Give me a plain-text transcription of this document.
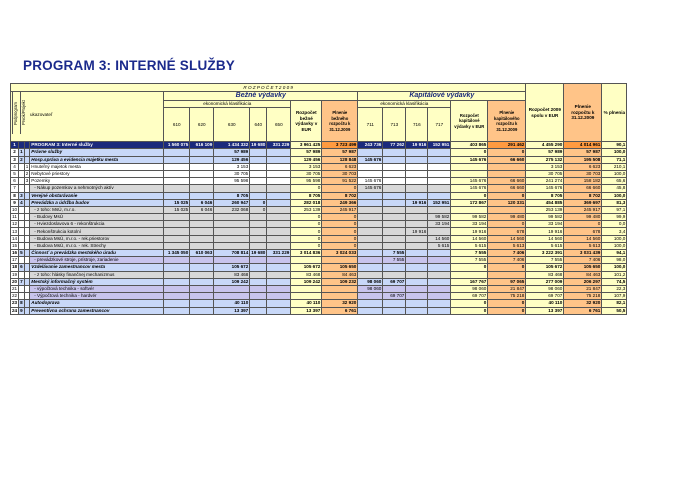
PROGRAM 3: INTERNÉ SLUŽBY
R O Z P O Č E T 2 0 0 9																	Rozpočet 2009 spolu v EUR	Plnenie rozpočtu k 31.12.2009	% plnenia

Podprogram Prvok/Projekt ukazovateľ				Bežné výdavky							Kapitálové výdavky								
				ekonomická klasifikácia					Rozpočet bežné výdavky v EUR	Plnenie bežného rozpočtu k 31.12.2009	ekonomická klasifikácia				Rozpočet kapitálové výdavky v EUR	Plnenie kapitálového rozpočtu k 31.12.2009			
				610	620	630	640	650			711	713	716	717					
1			PROGRAM 3: Interné služby	1 560 075	616 109	1 434 332	19 680	331 229	3 961 425	3 723 499	243 736	77 262	19 916	152 951	403 865	291 462	4 455 290	4 014 961	90,1
2	1		Právne služby			57 989			57 989	57 987					0	0	57 989	57 987	100,0
3	2		Hosp.správa a evidencia majetku mesta			129 456			129 456	128 848	145 676				145 676	66 660	275 132	195 508	71,1
4		1	Hnuteľný majetok mesta			3 153			3 153	6 623							3 153	6 623	210,1
5		2	Nebytové priestory			30 705			30 705	30 703							30 705	30 703	100,0
6		3	Pozemky			95 598			95 598	91 522	145 676				145 676	66 660	241 274	158 182	65,6
7			- Nákup pozemkov a nehmotných aktív						0	0	145 676				145 676	66 660	145 676	66 660	45,8
8	3		Verejné obstarávanie			8 705			8 705	8 702					0	0	8 705	8 702	100,0
9	4		Prevádzka a údržba budov	15 025	6 046	260 947	0		282 018	249 366			19 916	152 951	172 867	120 331	454 885	369 697	81,3
10			- z toho: MsÚ, m.r.o.	15 025	6 046	232 068	0		253 139	245 917							253 139	245 917	97,1
11			- Budovy MsÚ						0	0				99 582	99 582	99 480	99 582	99 480	99,9
12			- Hviezdoslavova 6 - rekonštrukcia						0	0				33 194	33 194	0	33 194	0	0,0
13			- Rekonštrukcia kotolní						0	0			19 916		19 916	678	19 916	678	3,4
14			- Budova MsÚ, m.r.o. - rek.priestorov						0	0				14 560	14 560	14 560	14 560	14 560	100,0
15			- Budova MsÚ, m.r.o. - rek. Strechy						0	0				5 615	5 615	5 613	5 615	5 613	100,0
16	5		Činnosť a prevádzka mestského úradu	1 345 050	610 063	708 814	19 680	331 229	3 014 836	3 024 033		7 555			7 555	7 406	3 222 391	3 031 439	94,1
17			- prevádzkové stroje, prístroje, zariadenie									7 555			7 555	7 406	7 555	7 406	98,0
18	6		Vzdelávanie zamestnancov mesta			105 672			105 672	105 650					0	0	105 672	105 650	100,0
19			- z toho: hlásky finančnej mechanizmus			83 468			83 468	84 463							83 468	84 463	101,2
20	7		Mestský informačný systém			109 242			109 242	109 232	98 060	69 707			167 767	97 065	277 009	206 297	74,5
21			- výpočtová technika - softvér								98 060				98 060	21 847	98 060	21 847	22,3
22			- Výpočtová technika - hardvér									69 707			69 707	75 218	69 707	75 218	107,9
23	8		Autodoprava			40 110			40 110	32 920					0	0	40 110	32 920	82,1
24	9		Preventívna ochrana zamestnancov			13 397			13 397	6 761					0	0	13 397	6 761	50,5
